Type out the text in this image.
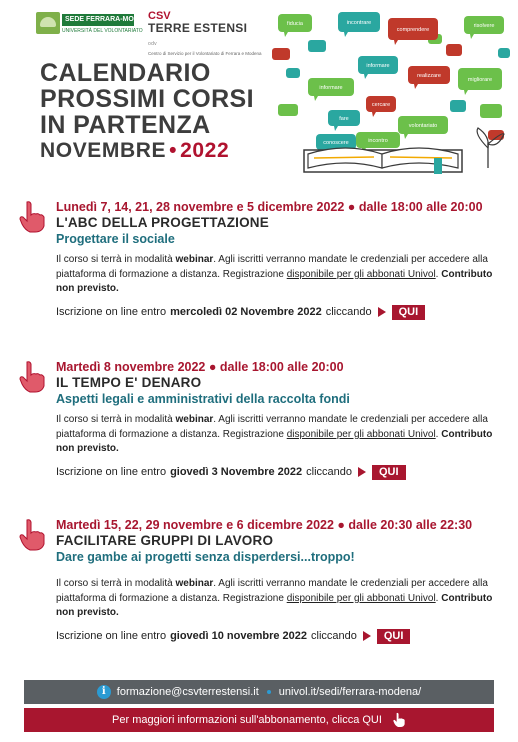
SEDE FERRARA-MODENA
UNIVERSITÀ DEL VOLONTARIATO
CSV
TERRE ESTENSI odv
Centro di Servizio per il Volontariato di Ferrara e Modena
CALENDARIO
PROSSIMI CORSI
IN PARTENZA
NOVEMBRE • 2022
fiducia	incontrare
comprendere
risolvere
informare
informare
realizzare
migliorare
cercare
fare
volontariato
conoscere	incontro
Lunedì 7, 14, 21, 28 novembre e 5 dicembre 2022 ● dalle 18:00 alle 20:00
L'ABC DELLA PROGETTAZIONE
Progettare il sociale
Il corso si terrà in modalità webinar. Agli iscritti verranno mandate le credenziali per accedere alla piattaforma di formazione a distanza. Registrazione disponibile per gli abbonati Univol. Contributo non previsto.
Iscrizione on line entro mercoledì 02 Novembre 2022 cliccando	QUI
Martedì 8 novembre 2022 ● dalle 18:00 alle 20:00
IL TEMPO E' DENARO
Aspetti legali e amministrativi della raccolta fondi
Il corso si terrà in modalità webinar. Agli iscritti verranno mandate le credenziali per accedere alla piattaforma di formazione a distanza. Registrazione disponibile per gli abbonati Univol. Contributo non previsto.
Iscrizione on line entro giovedì 3 Novembre 2022 cliccando	QUI
Martedì 15, 22, 29 novembre e 6 dicembre 2022 ● dalle 20:30 alle 22:30
FACILITARE GRUPPI DI LAVORO
Dare gambe ai progetti senza disperdersi...troppo!
Il corso si terrà in modalità webinar. Agli iscritti verranno mandate le credenziali per accedere alla piattaforma di formazione a distanza. Registrazione disponibile per gli abbonati Univol. Contributo non previsto.
Iscrizione on line entro giovedì 10 novembre 2022 cliccando	QUI
i	formazione@csvterrestensi.it univol.it/sedi/ferrara-modena/
Per maggiori informazioni sull'abbonamento, clicca QUI
